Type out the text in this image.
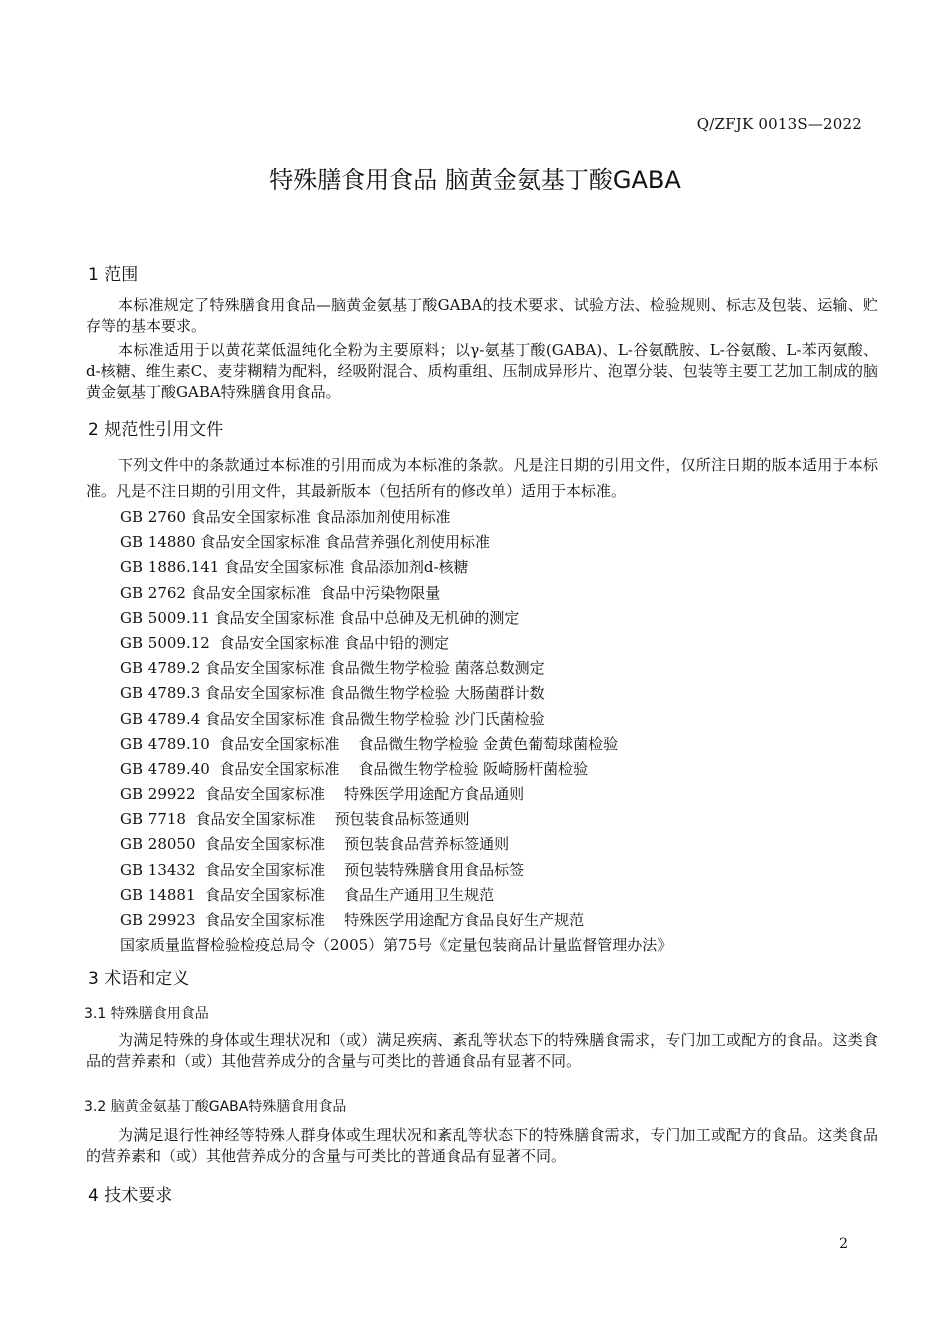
Q/ZFJK 0013S—2022
特殊膳食用食品 脑黄金氨基丁酸GABA
1 范围

本标准规定了特殊膳食用食品—脑黄金氨基丁酸GABA的技术要求、试验方法、检验规则、标志及包装、运输、贮存等的基本要求。

本标准适用于以黄花菜低温纯化全粉为主要原料；以γ-氨基丁酸(GABA)、L-谷氨酰胺、L-谷氨酸、L-苯丙氨酸、d-核糖、维生素C、麦芽糊精为配料，经吸附混合、质构重组、压制成异形片、泡罩分装、包装等主要工艺加工制成的脑黄金氨基丁酸GABA特殊膳食用食品。

2 规范性引用文件

下列文件中的条款通过本标准的引用而成为本标准的条款。凡是注日期的引用文件，仅所注日期的版本适用于本标准。凡是不注日期的引用文件，其最新版本（包括所有的修改单）适用于本标准。

GB 2760 食品安全国家标准 食品添加剂使用标准
GB 14880 食品安全国家标准 食品营养强化剂使用标准
GB 1886.141 食品安全国家标准 食品添加剂d-核糖
GB 2762 食品安全国家标准  食品中污染物限量
GB 5009.11 食品安全国家标准 食品中总砷及无机砷的测定
GB 5009.12  食品安全国家标准 食品中铅的测定
GB 4789.2 食品安全国家标准 食品微生物学检验 菌落总数测定
GB 4789.3 食品安全国家标准 食品微生物学检验 大肠菌群计数
GB 4789.4 食品安全国家标准 食品微生物学检验 沙门氏菌检验
GB 4789.10  食品安全国家标准    食品微生物学检验 金黄色葡萄球菌检验
GB 4789.40  食品安全国家标准    食品微生物学检验 阪崎肠杆菌检验
GB 29922  食品安全国家标准    特殊医学用途配方食品通则
GB 7718  食品安全国家标准    预包装食品标签通则
GB 28050  食品安全国家标准    预包装食品营养标签通则
GB 13432  食品安全国家标准    预包装特殊膳食用食品标签
GB 14881  食品安全国家标准    食品生产通用卫生规范
GB 29923  食品安全国家标准    特殊医学用途配方食品良好生产规范
国家质量监督检验检疫总局令（2005）第75号《定量包装商品计量监督管理办法》
3 术语和定义
3.1 特殊膳食用食品

为满足特殊的身体或生理状况和（或）满足疾病、紊乱等状态下的特殊膳食需求，专门加工或配方的食品。这类食品的营养素和（或）其他营养成分的含量与可类比的普通食品有显著不同。

3.2 脑黄金氨基丁酸GABA特殊膳食用食品

为满足退行性神经等特殊人群身体或生理状况和紊乱等状态下的特殊膳食需求，专门加工或配方的食品。这类食品的营养素和（或）其他营养成分的含量与可类比的普通食品有显著不同。

4 技术要求
2
